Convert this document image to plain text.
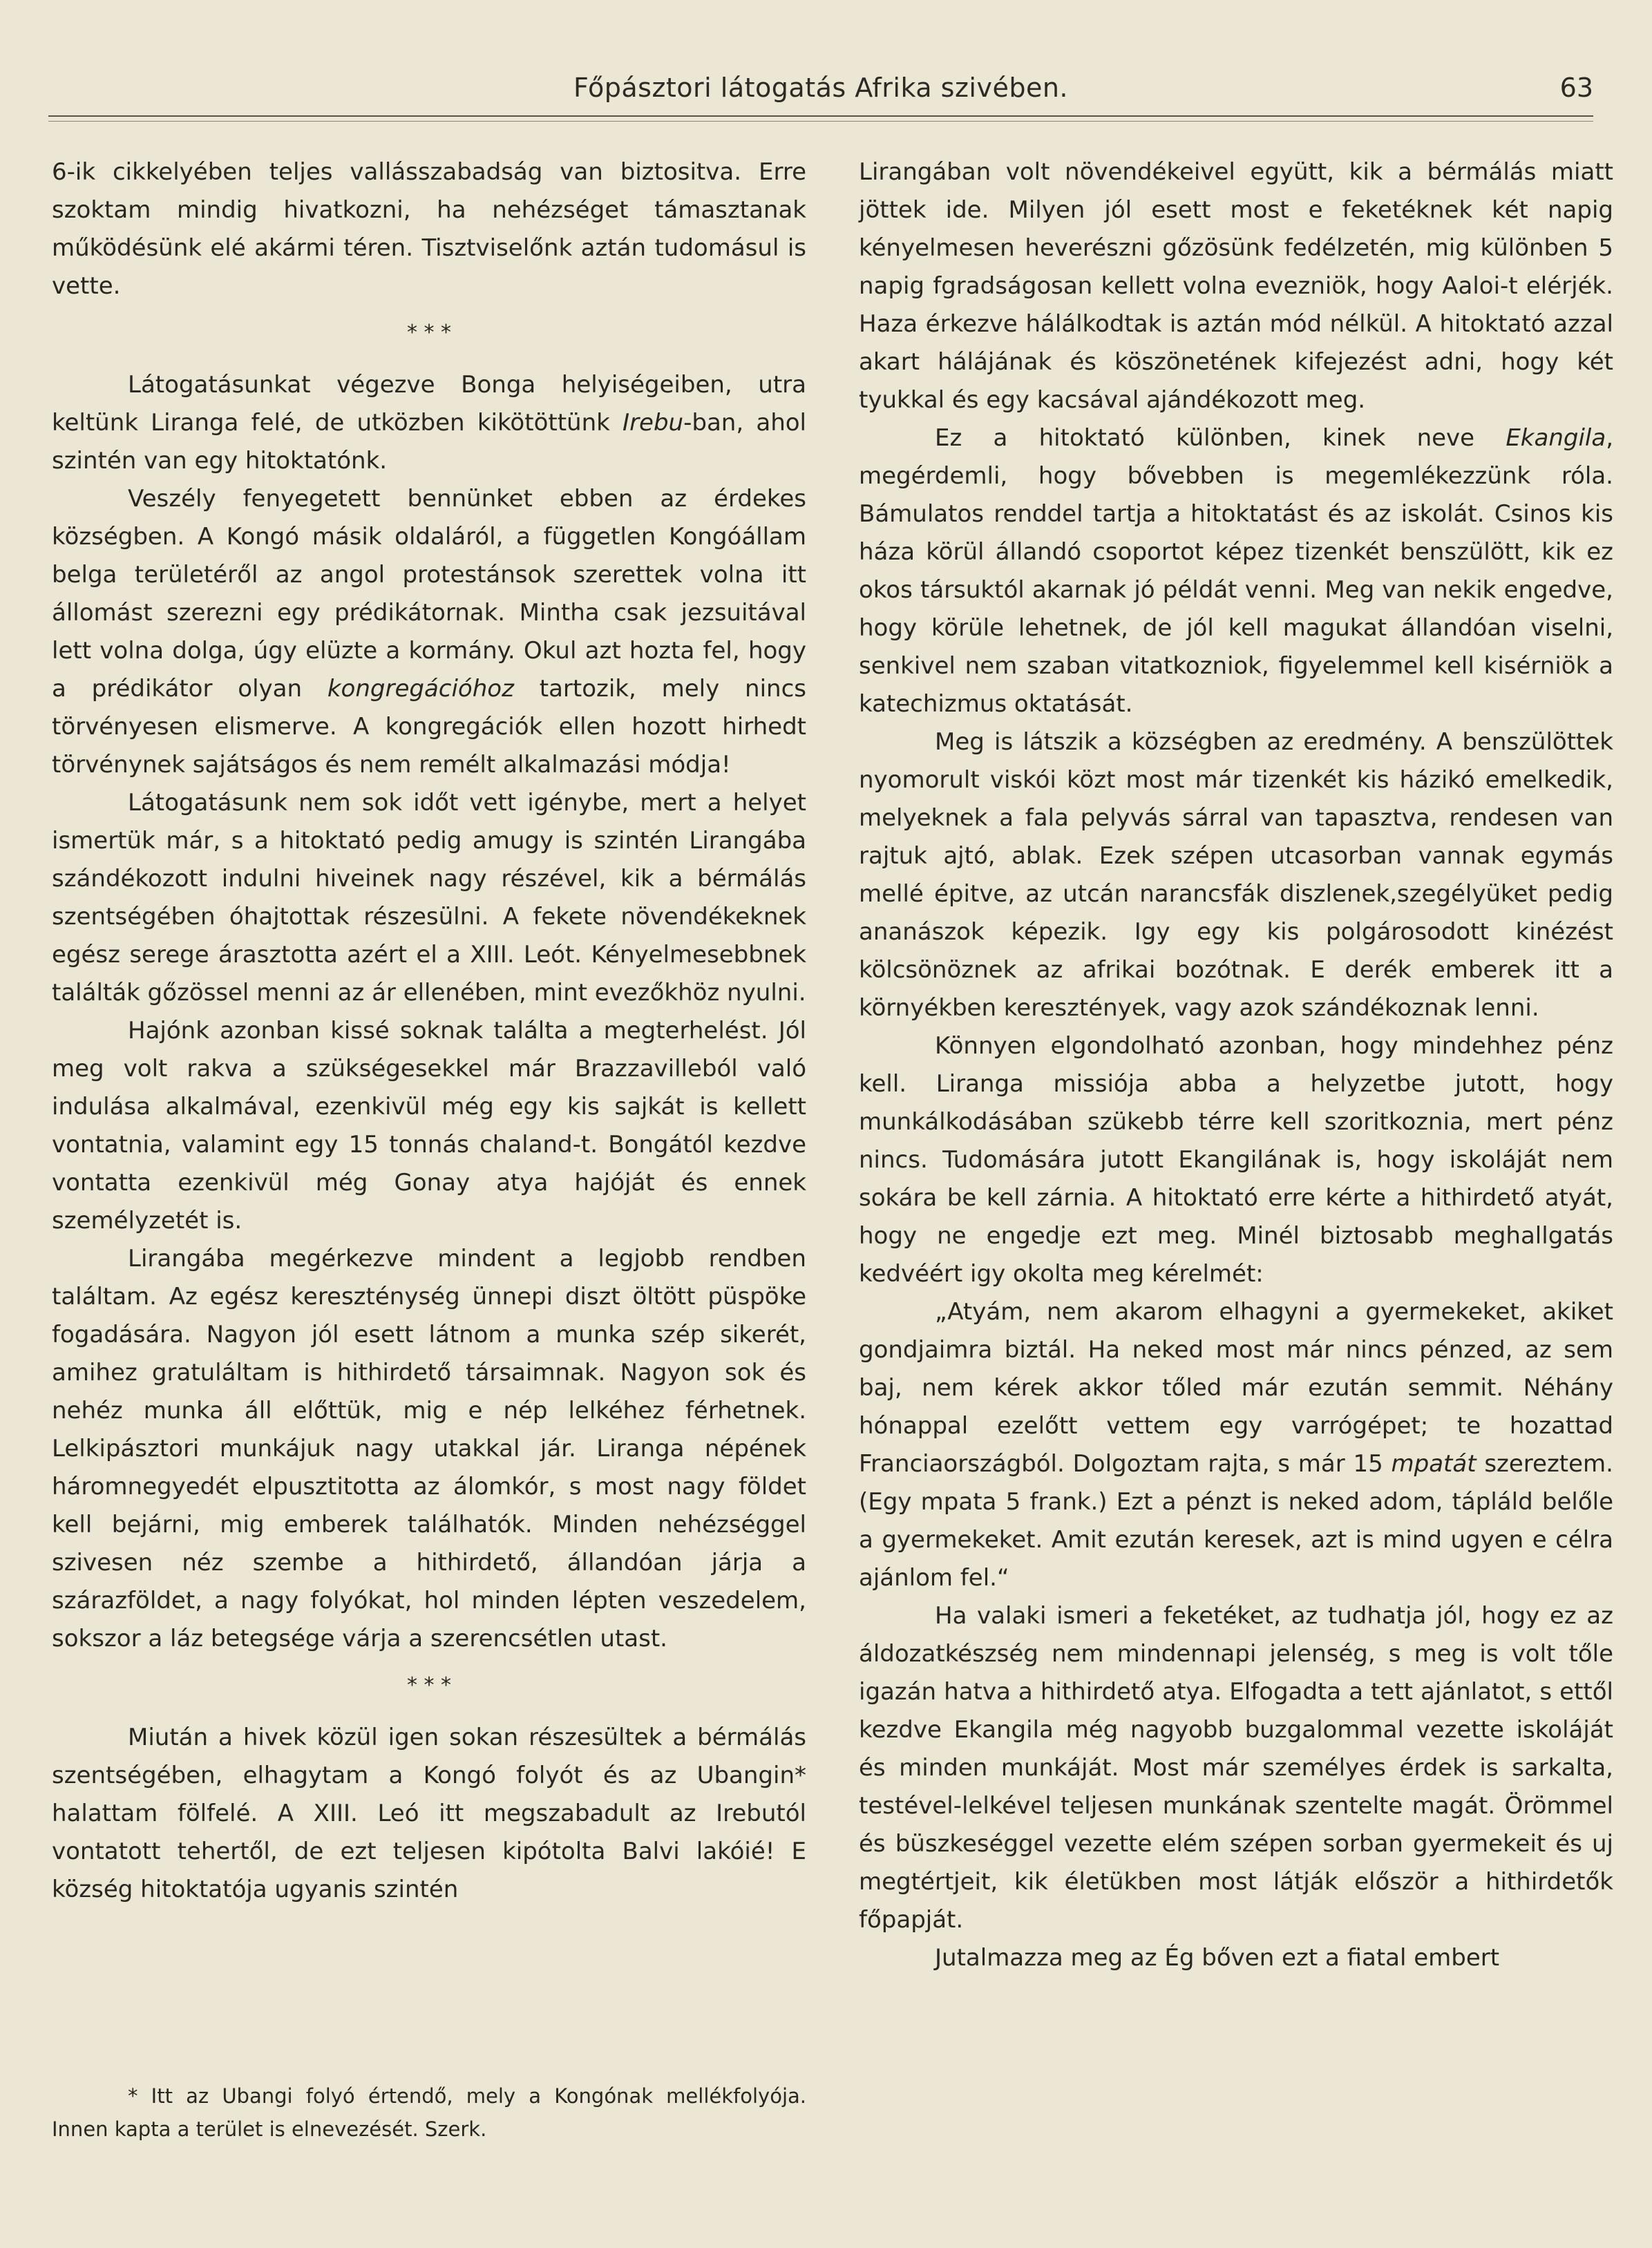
Főpásztori látogatás Afrika szivében.	63

6-ik cikkelyében teljes vallásszabadság van biztositva. Erre szoktam mindig hivatkozni, ha nehézséget támasztanak működésünk elé akármi téren. Tisztviselőnk aztán tudomásul is vette.

* * *

Látogatásunkat végezve Bonga helyiségeiben, utra keltünk Liranga felé, de utközben kikötöttünk Irebu-ban, ahol szintén van egy hitoktatónk.

Veszély fenyegetett bennünket ebben az érdekes községben. A Kongó másik oldaláról, a független Kongóállam belga területéről az angol protestánsok szerettek volna itt állomást szerezni egy prédikátornak. Mintha csak jezsuitával lett volna dolga, úgy elüzte a kormány. Okul azt hozta fel, hogy a prédikátor olyan kongregációhoz tartozik, mely nincs törvényesen elismerve. A kongregációk ellen hozott hirhedt törvénynek sajátságos és nem remélt alkalmazási módja!

Látogatásunk nem sok időt vett igénybe, mert a helyet ismertük már, s a hitoktató pedig amugy is szintén Lirangába szándékozott indulni hiveinek nagy részével, kik a bérmálás szentségében óhajtottak részesülni. A fekete növendékeknek egész serege árasztotta azért el a XIII. Leót. Kényelmesebbnek találták gőzössel menni az ár ellenében, mint evezőkhöz nyulni.

Hajónk azonban kissé soknak találta a megterhelést. Jól meg volt rakva a szükségesekkel már Brazzavilleból való indulása alkalmával, ezenkivül még egy kis sajkát is kellett vontatnia, valamint egy 15 tonnás chaland-t. Bongától kezdve vontatta ezenkivül még Gonay atya hajóját és ennek személyzetét is.

Lirangába megérkezve mindent a legjobb rendben találtam. Az egész kereszténység ünnepi diszt öltött püspöke fogadására. Nagyon jól esett látnom a munka szép sikerét, amihez gratuláltam is hithirdető társaimnak. Nagyon sok és nehéz munka áll előttük, mig e nép lelkéhez férhetnek. Lelkipásztori munkájuk nagy utakkal jár. Liranga népének háromnegyedét elpusztitotta az álomkór, s most nagy földet kell bejárni, mig emberek találhatók. Minden nehézséggel szivesen néz szembe a hithirdető, állandóan járja a szárazföldet, a nagy folyókat, hol minden lépten veszedelem, sokszor a láz betegsége várja a szerencsétlen utast.

* * *

Miután a hivek közül igen sokan részesültek a bérmálás szentségében, elhagytam a Kongó folyót és az Ubangin* halattam fölfelé. A XIII. Leó itt megszabadult az Irebutól vontatott tehertől, de ezt teljesen kipótolta Balvi lakóié! E község hitoktatója ugyanis szintén

* Itt az Ubangi folyó értendő, mely a Kongónak mellékfolyója. Innen kapta a terület is elnevezését. Szerk.

Lirangában volt növendékeivel együtt, kik a bérmálás miatt jöttek ide. Milyen jól esett most e feketéknek két napig kényelmesen heverészni gőzösünk fedélzetén, mig különben 5 napig fgradságosan kellett volna evezniök, hogy Aaloi-t elérjék. Haza érkezve hálálkodtak is aztán mód nélkül. A hitoktató azzal akart hálájának és köszönetének kifejezést adni, hogy két tyukkal és egy kacsával ajándékozott meg.

Ez a hitoktató különben, kinek neve Ekangila, megérdemli, hogy bővebben is megemlékezzünk róla. Bámulatos renddel tartja a hitoktatást és az iskolát. Csinos kis háza körül állandó csoportot képez tizenkét benszülött, kik ez okos társuktól akarnak jó példát venni. Meg van nekik engedve, hogy körüle lehetnek, de jól kell magukat állandóan viselni, senkivel nem szaban vitatkozniok, figyelemmel kell kisérniök a katechizmus oktatását.

Meg is látszik a községben az eredmény. A benszülöttek nyomorult viskói közt most már tizenkét kis házikó emelkedik, melyeknek a fala pelyvás sárral van tapasztva, rendesen van rajtuk ajtó, ablak. Ezek szépen utcasorban vannak egymás mellé épitve, az utcán narancsfák diszlenek,szegélyüket pedig ananászok képezik. Igy egy kis polgárosodott kinézést kölcsönöznek az afrikai bozótnak. E derék emberek itt a környékben keresztények, vagy azok szándékoznak lenni.

Könnyen elgondolható azonban, hogy mindehhez pénz kell. Liranga missiója abba a helyzetbe jutott, hogy munkálkodásában szükebb térre kell szoritkoznia, mert pénz nincs. Tudomására jutott Ekangilának is, hogy iskoláját nem sokára be kell zárnia. A hitoktató erre kérte a hithirdető atyát, hogy ne engedje ezt meg. Minél biztosabb meghallgatás kedvéért igy okolta meg kérelmét:

„Atyám, nem akarom elhagyni a gyermekeket, akiket gondjaimra biztál. Ha neked most már nincs pénzed, az sem baj, nem kérek akkor tőled már ezután semmit. Néhány hónappal ezelőtt vettem egy varrógépet; te hozattad Franciaországból. Dolgoztam rajta, s már 15 mpatát szereztem. (Egy mpata 5 frank.) Ezt a pénzt is neked adom, tápláld belőle a gyermekeket. Amit ezután keresek, azt is mind ugyen e célra ajánlom fel.“

Ha valaki ismeri a feketéket, az tudhatja jól, hogy ez az áldozatkészség nem mindennapi jelenség, s meg is volt tőle igazán hatva a hithirdető atya. Elfogadta a tett ajánlatot, s ettől kezdve Ekangila még nagyobb buzgalommal vezette iskoláját és minden munkáját. Most már személyes érdek is sarkalta, testével-lelkével teljesen munkának szentelte magát. Örömmel és büszkeséggel vezette elém szépen sorban gyermekeit és uj megtértjeit, kik életükben most látják először a hithirdetők főpapját.

Jutalmazza meg az Ég bőven ezt a fiatal embert
